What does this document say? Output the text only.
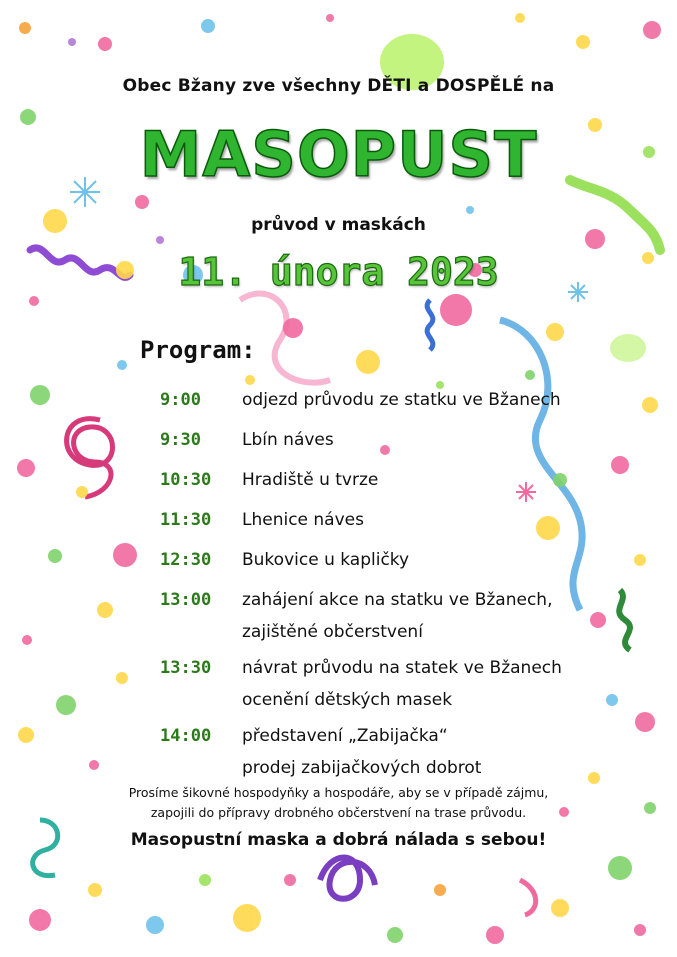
Obec Bžany zve všechny DĚTI a DOSPĚLÉ na
MASOPUST
průvod v maskách
11. února 2023
Program:
9:00	odjezd průvodu ze statku ve Bžanech
9:30	Lbín náves
10:30	Hradiště u tvrze
11:30	Lhenice náves
12:30	Bukovice u kapličky
13:00	zahájení akce na statku ve Bžanech,
zajištěné občerstvení
13:30	návrat průvodu na statek ve Bžanech
ocenění dětských masek
14:00	představení „Zabijačka“
prodej zabijačkových dobrot
Prosíme šikovné hospodyňky a hospodáře, aby se v případě zájmu,
zapojili do přípravy drobného občerstvení na trase průvodu.
Masopustní maska a dobrá nálada s sebou!
